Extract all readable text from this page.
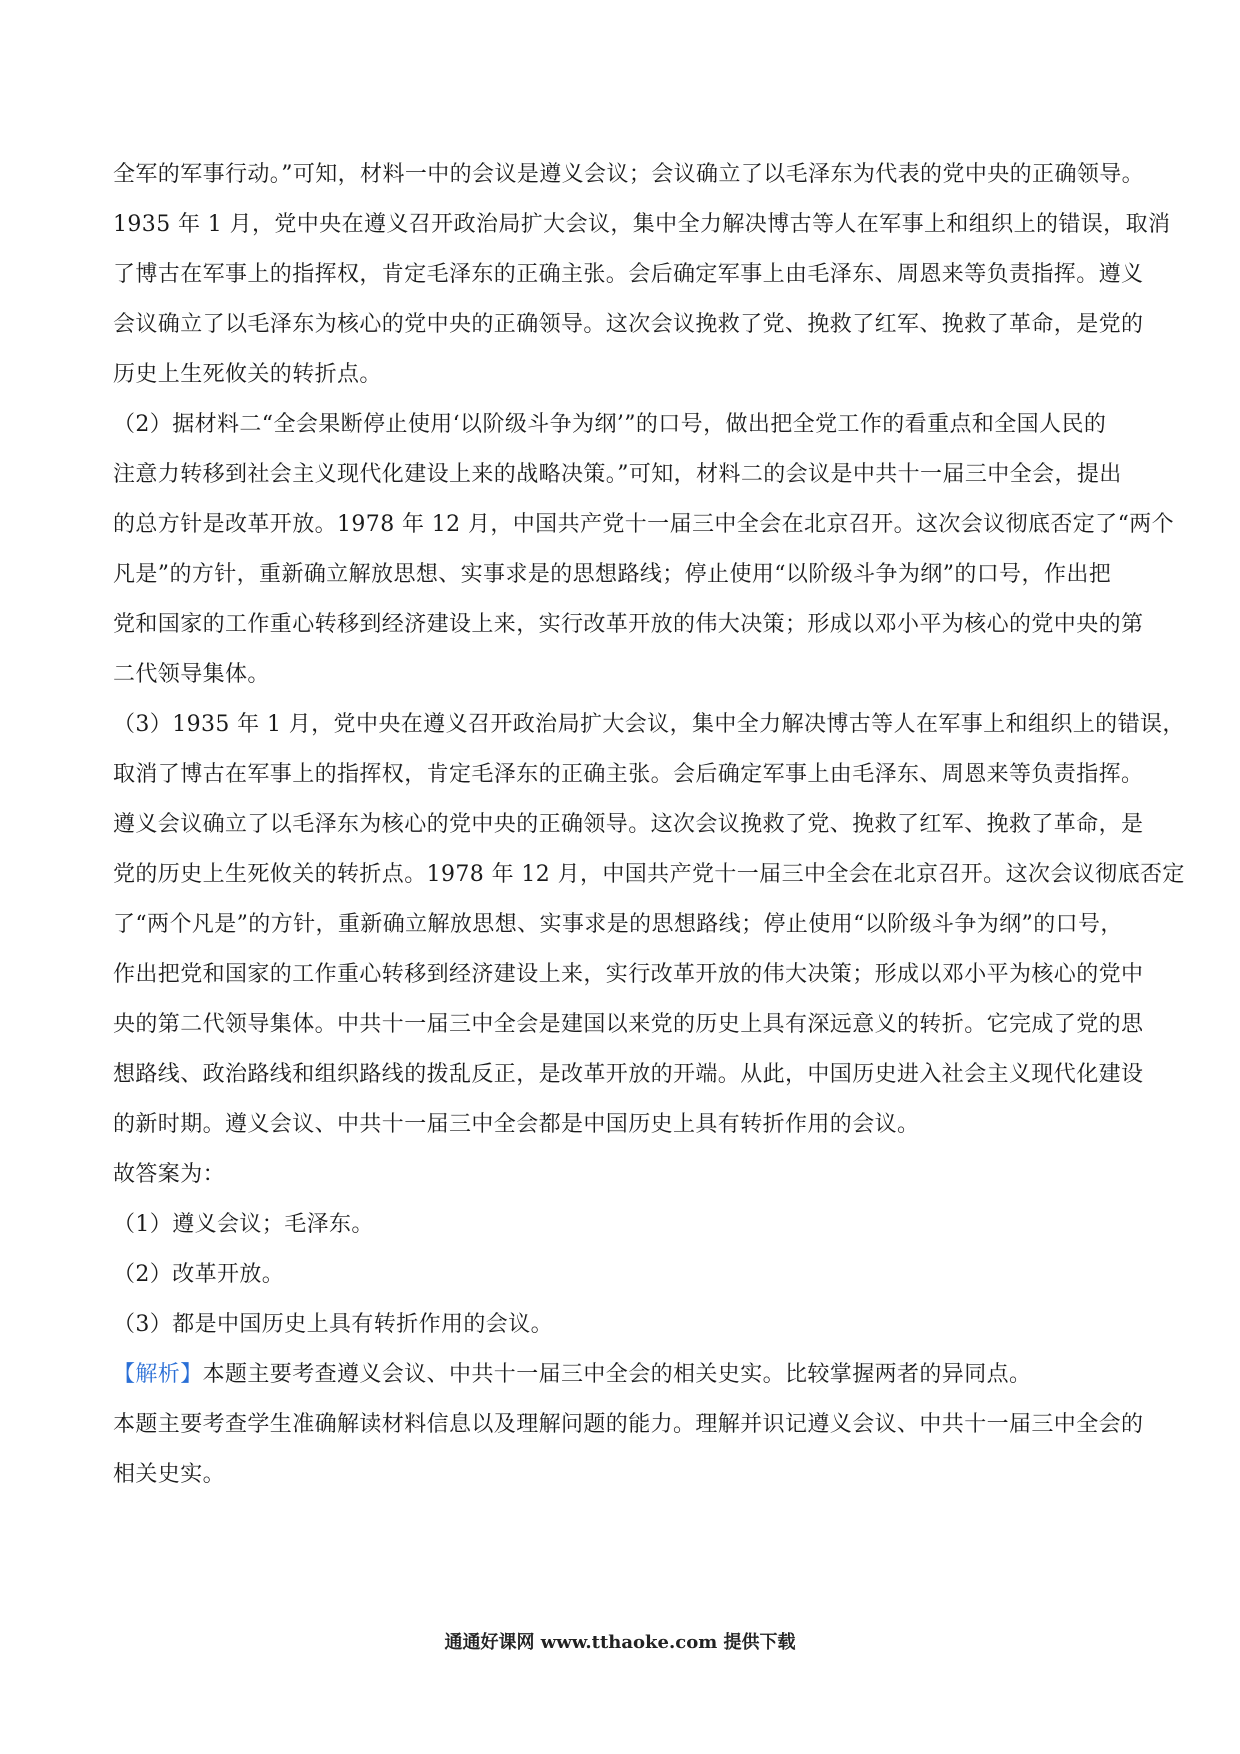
全军的军事行动。”可知，材料一中的会议是遵义会议；会议确立了以毛泽东为代表的党中央的正确领导。
1935 年 1 月，党中央在遵义召开政治局扩大会议，集中全力解决博古等人在军事上和组织上的错误，取消
了博古在军事上的指挥权，肯定毛泽东的正确主张。会后确定军事上由毛泽东、周恩来等负责指挥。遵义
会议确立了以毛泽东为核心的党中央的正确领导。这次会议挽救了党、挽救了红军、挽救了革命，是党的
历史上生死攸关的转折点。
（2）据材料二“全会果断停止使用‘以阶级斗争为纲’”的口号，做出把全党工作的看重点和全国人民的
注意力转移到社会主义现代化建设上来的战略决策。”可知，材料二的会议是中共十一届三中全会，提出
的总方针是改革开放。1978 年 12 月，中国共产党十一届三中全会在北京召开。这次会议彻底否定了“两个
凡是”的方针，重新确立解放思想、实事求是的思想路线；停止使用“以阶级斗争为纲”的口号，作出把
党和国家的工作重心转移到经济建设上来，实行改革开放的伟大决策；形成以邓小平为核心的党中央的第
二代领导集体。
（3）1935 年 1 月，党中央在遵义召开政治局扩大会议，集中全力解决博古等人在军事上和组织上的错误，
取消了博古在军事上的指挥权，肯定毛泽东的正确主张。会后确定军事上由毛泽东、周恩来等负责指挥。
遵义会议确立了以毛泽东为核心的党中央的正确领导。这次会议挽救了党、挽救了红军、挽救了革命，是
党的历史上生死攸关的转折点。1978 年 12 月，中国共产党十一届三中全会在北京召开。这次会议彻底否定
了“两个凡是”的方针，重新确立解放思想、实事求是的思想路线；停止使用“以阶级斗争为纲”的口号，
作出把党和国家的工作重心转移到经济建设上来，实行改革开放的伟大决策；形成以邓小平为核心的党中
央的第二代领导集体。中共十一届三中全会是建国以来党的历史上具有深远意义的转折。它完成了党的思
想路线、政治路线和组织路线的拨乱反正，是改革开放的开端。从此，中国历史进入社会主义现代化建设
的新时期。遵义会议、中共十一届三中全会都是中国历史上具有转折作用的会议。
故答案为：
（1）遵义会议；毛泽东。
（2）改革开放。
（3）都是中国历史上具有转折作用的会议。
【解析】本题主要考查遵义会议、中共十一届三中全会的相关史实。比较掌握两者的异同点。
本题主要考查学生准确解读材料信息以及理解问题的能力。理解并识记遵义会议、中共十一届三中全会的
相关史实。
通通好课网 www.tthaoke.com 提供下载
